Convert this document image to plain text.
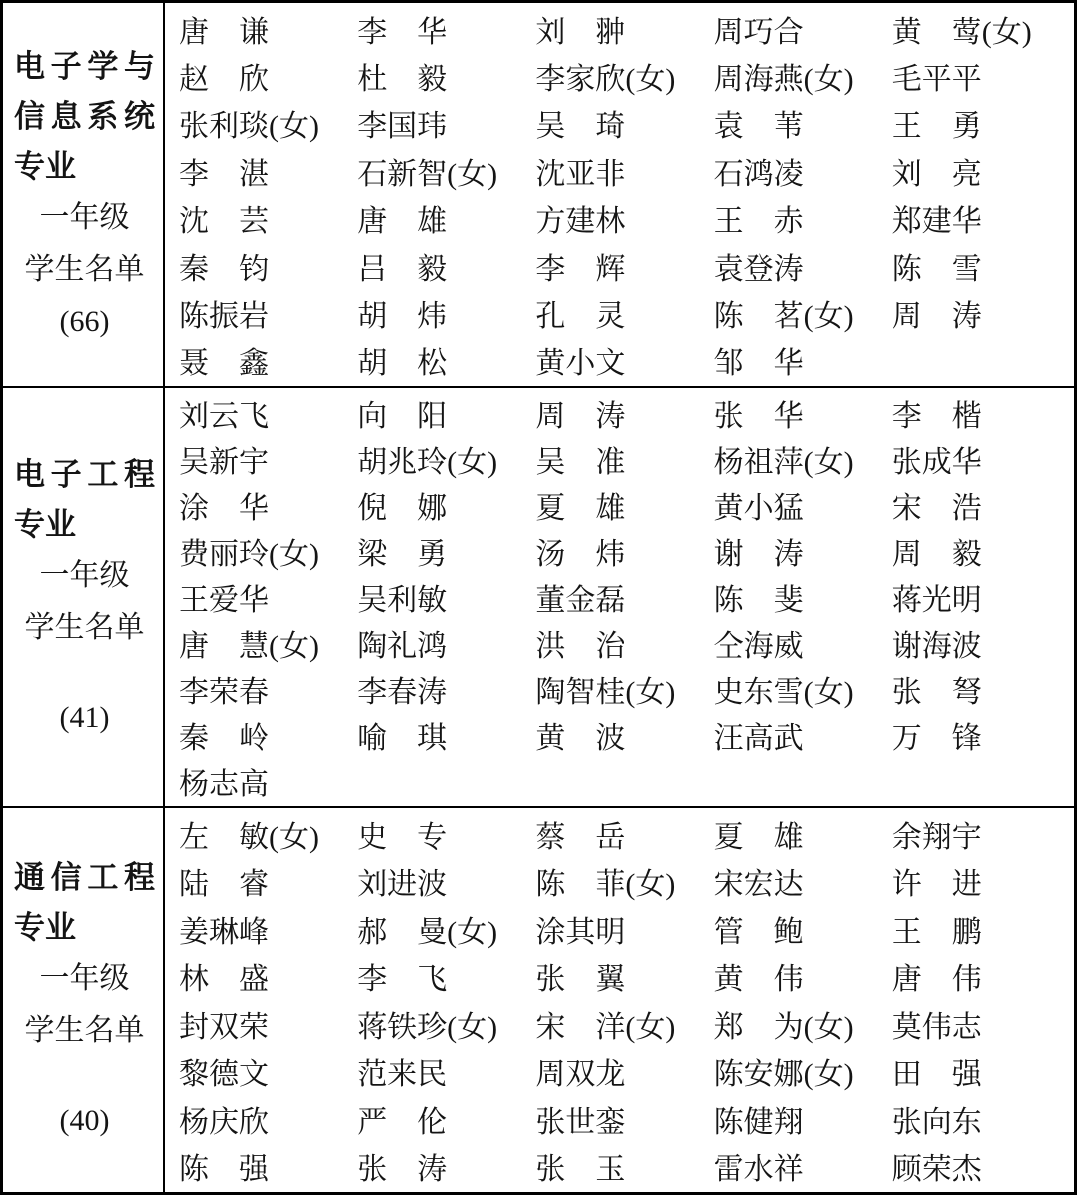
电 子 学 与
信 息 系 统
专业
一年级
学生名单
(66)
唐　谦	李　华	刘　翀	周巧合	黄　莺(女)
赵　欣	杜　毅	李家欣(女)	周海燕(女)	毛平平
张利琰(女)	李国玮	吴　琦	袁　苇	王　勇
李　湛	石新智(女)	沈亚非	石鸿凌	刘　亮
沈　芸	唐　雄	方建林	王　赤	郑建华
秦　钧	吕　毅	李　辉	袁登涛	陈　雪
陈振岩	胡　炜	孔　灵	陈　茗(女)	周　涛
聂　鑫	胡　松	黄小文	邹　华
电 子 工 程
专业
一年级
学生名单
(41)
刘云飞	向　阳	周　涛	张　华	李　楷
吴新宇	胡兆玲(女)	吴　准	杨祖萍(女)	张成华
涂　华	倪　娜	夏　雄	黄小猛	宋　浩
费丽玲(女)	梁　勇	汤　炜	谢　涛	周　毅
王爱华	吴利敏	董金磊	陈　斐	蒋光明
唐　慧(女)	陶礼鸿	洪　治	仝海威	谢海波
李荣春	李春涛	陶智桂(女)	史东雪(女)	张　弩
秦　岭	喻　琪	黄　波	汪高武	万　锋
杨志高
通 信 工 程
专业
一年级
学生名单
(40)
左　敏(女)	史　专	蔡　岳	夏　雄	余翔宇
陆　睿	刘进波	陈　菲(女)	宋宏达	许　进
姜琳峰	郝　曼(女)	涂其明	管　鲍	王　鹏
林　盛	李　飞	张　翼	黄　伟	唐　伟
封双荣	蒋铁珍(女)	宋　洋(女)	郑　为(女)	莫伟志
黎德文	范来民	周双龙	陈安娜(女)	田　强
杨庆欣	严　伦	张世銮	陈健翔	张向东
陈　强	张　涛	张　玉	雷水祥	顾荣杰
